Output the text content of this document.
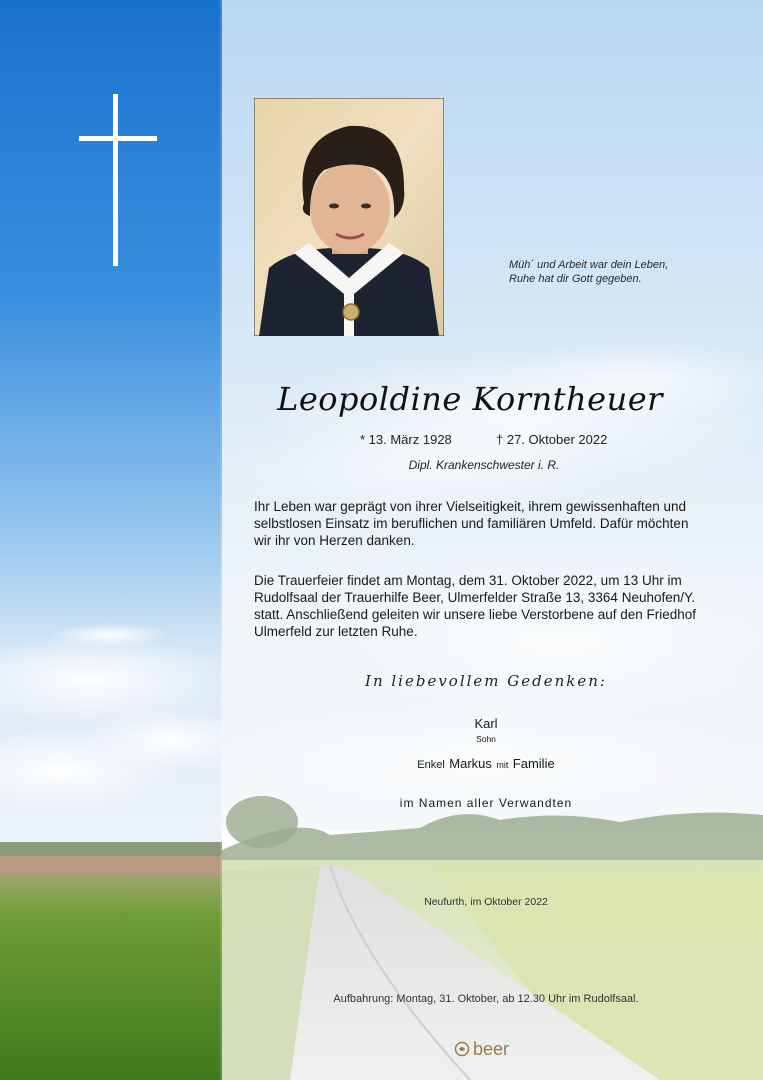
Müh´ und Arbeit war dein Leben,
Ruhe hat dir Gott gegeben.
Leopoldine Korntheuer
* 13. März 1928	† 27. Oktober 2022
Dipl. Krankenschwester i. R.
Ihr Leben war geprägt von ihrer Vielseitigkeit, ihrem gewissenhaften und
selbstlosen Einsatz im beruflichen und familiären Umfeld. Dafür möchten
wir ihr von Herzen danken.
Die Trauerfeier findet am Montag, dem 31. Oktober 2022, um 13 Uhr im
Rudolfsaal der Trauerhilfe Beer, Ulmerfelder Straße 13, 3364 Neuhofen/Y.
statt. Anschließend geleiten wir unsere liebe Verstorbene auf den Friedhof
Ulmerfeld zur letzten Ruhe.
In liebevollem Gedenken:
Karl
Sohn
Enkel Markus mit Familie
im Namen aller Verwandten
Neufurth, im Oktober 2022
Aufbahrung: Montag, 31. Oktober, ab 12.30 Uhr im Rudolfsaal.
beer
